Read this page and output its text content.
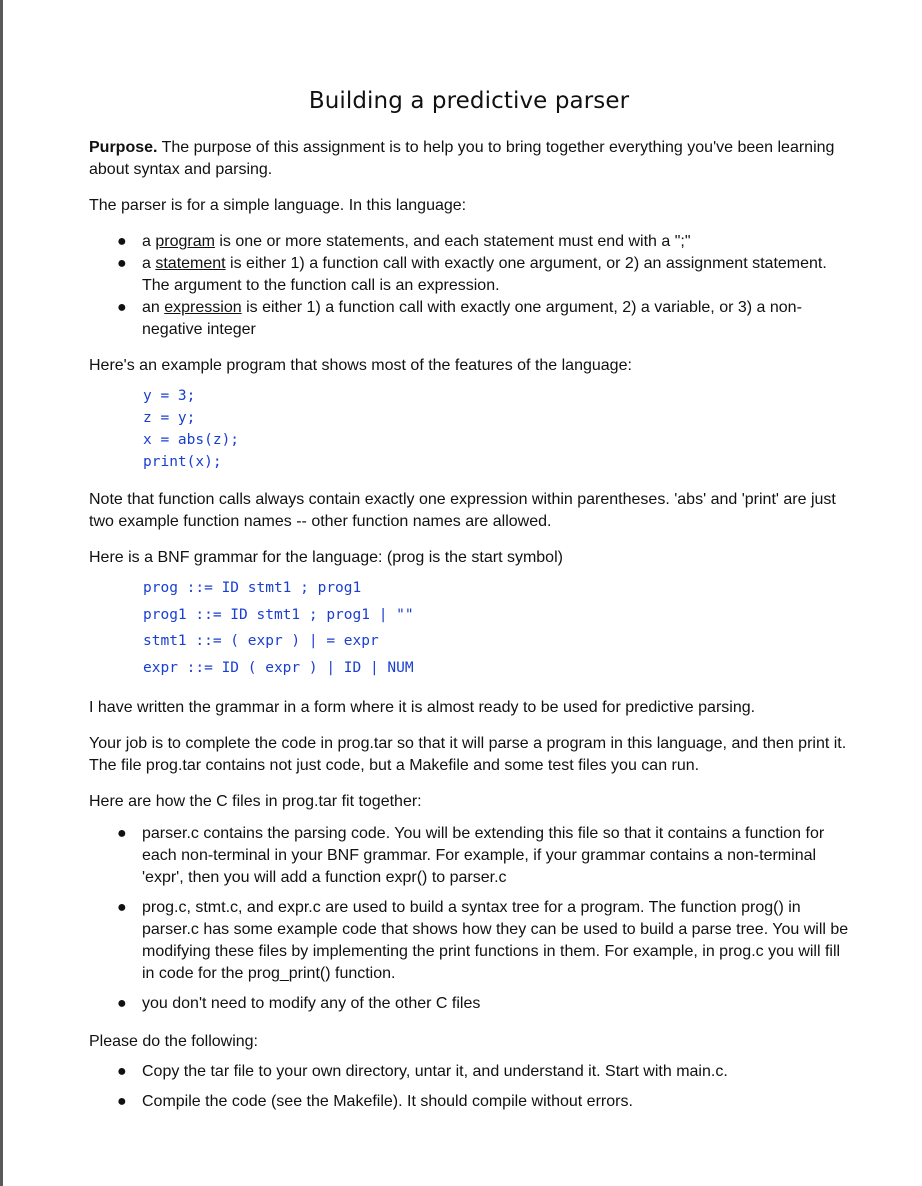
Building a predictive parser

Purpose. The purpose of this assignment is to help you to bring together everything you've been learning about syntax and parsing.

The parser is for a simple language. In this language:

● a program is one or more statements, and each statement must end with a ";"
● a statement is either 1) a function call with exactly one argument, or 2) an assignment statement. The argument to the function call is an expression.
● an expression is either 1) a function call with exactly one argument, 2) a variable, or 3) a non-negative integer

Here's an example program that shows most of the features of the language:

y = 3;
z = y;
x = abs(z);
print(x);

Note that function calls always contain exactly one expression within parentheses. 'abs' and 'print' are just two example function names -- other function names are allowed.

Here is a BNF grammar for the language: (prog is the start symbol)

prog ::= ID stmt1 ; prog1
prog1 ::= ID stmt1 ; prog1 | ""
stmt1 ::= ( expr ) | = expr
expr ::= ID ( expr ) | ID | NUM

I have written the grammar in a form where it is almost ready to be used for predictive parsing.

Your job is to complete the code in prog.tar so that it will parse a program in this language, and then print it. The file prog.tar contains not just code, but a Makefile and some test files you can run.

Here are how the C files in prog.tar fit together:

● parser.c contains the parsing code. You will be extending this file so that it contains a function for each non-terminal in your BNF grammar. For example, if your grammar contains a non-terminal 'expr', then you will add a function expr() to parser.c
● prog.c, stmt.c, and expr.c are used to build a syntax tree for a program. The function prog() in parser.c has some example code that shows how they can be used to build a parse tree. You will be modifying these files by implementing the print functions in them. For example, in prog.c you will fill in code for the prog_print() function.
● you don't need to modify any of the other C files

Please do the following:

● Copy the tar file to your own directory, untar it, and understand it. Start with main.c.
● Compile the code (see the Makefile). It should compile without errors.
